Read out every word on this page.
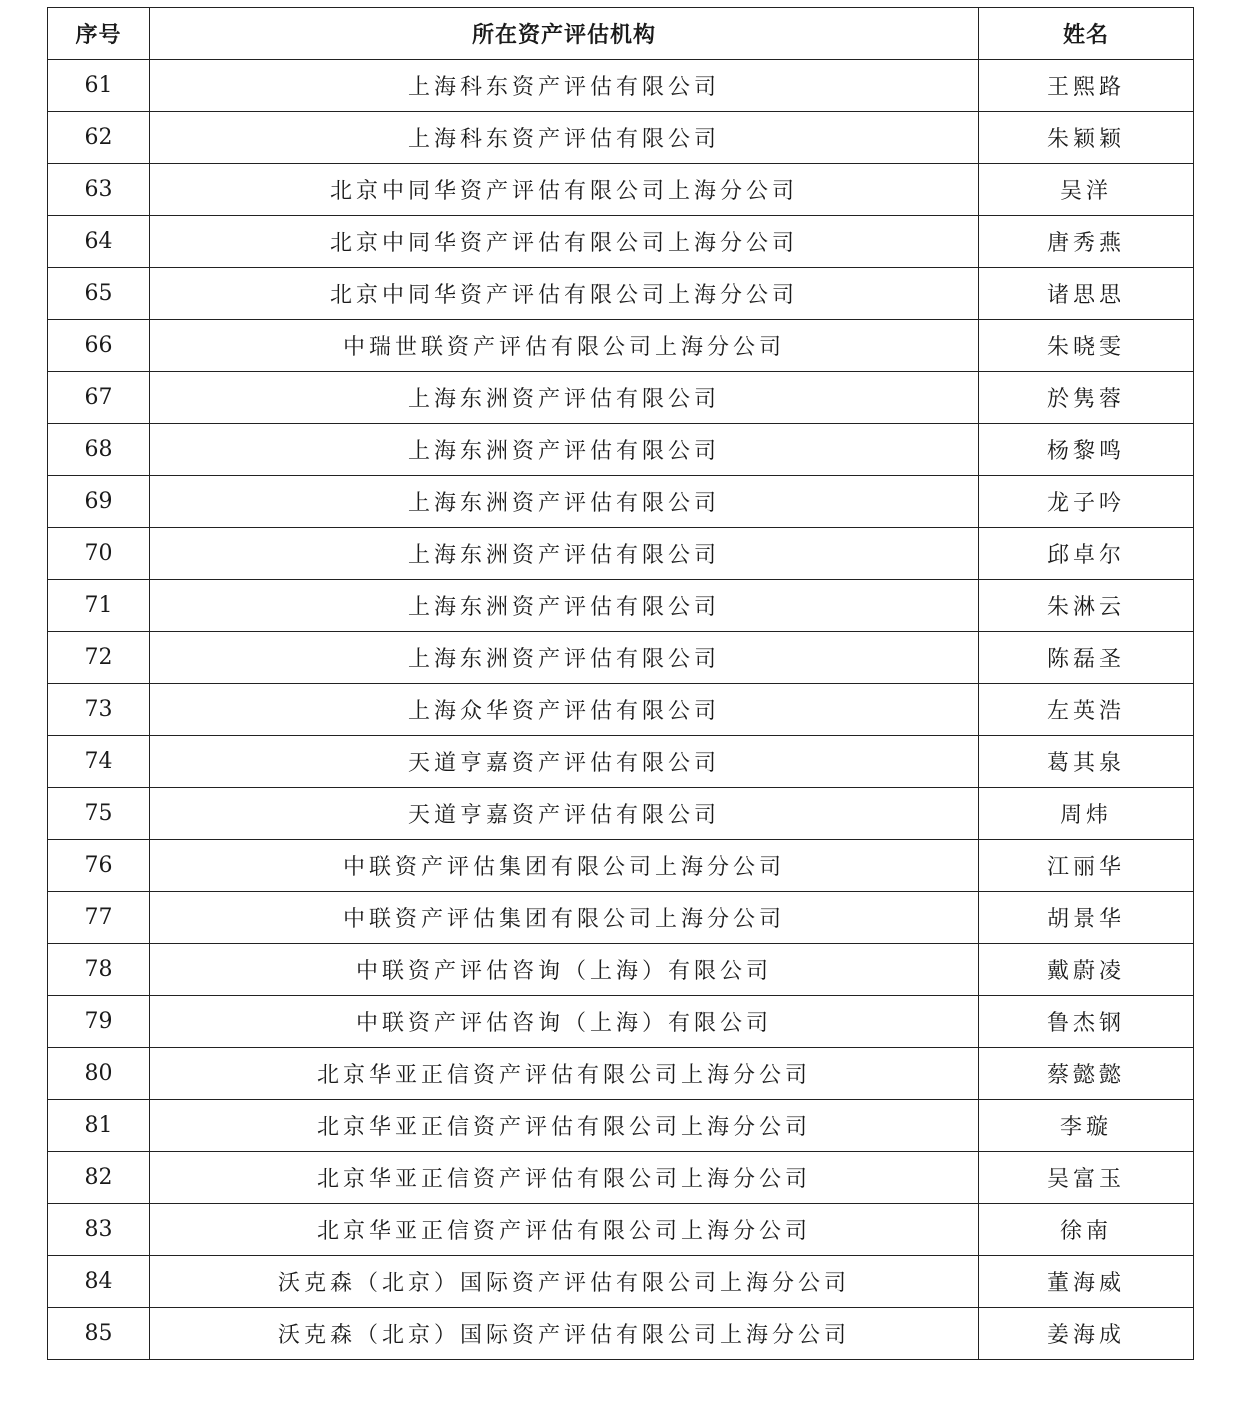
序号	所在资产评估机构	姓名
61	上海科东资产评估有限公司	王熙路
62	上海科东资产评估有限公司	朱颖颖
63	北京中同华资产评估有限公司上海分公司	吴洋
64	北京中同华资产评估有限公司上海分公司	唐秀燕
65	北京中同华资产评估有限公司上海分公司	诸思思
66	中瑞世联资产评估有限公司上海分公司	朱晓雯
67	上海东洲资产评估有限公司	於隽蓉
68	上海东洲资产评估有限公司	杨黎鸣
69	上海东洲资产评估有限公司	龙子吟
70	上海东洲资产评估有限公司	邱卓尔
71	上海东洲资产评估有限公司	朱淋云
72	上海东洲资产评估有限公司	陈磊圣
73	上海众华资产评估有限公司	左英浩
74	天道亨嘉资产评估有限公司	葛其泉
75	天道亨嘉资产评估有限公司	周炜
76	中联资产评估集团有限公司上海分公司	江丽华
77	中联资产评估集团有限公司上海分公司	胡景华
78	中联资产评估咨询（上海）有限公司	戴蔚凌
79	中联资产评估咨询（上海）有限公司	鲁杰钢
80	北京华亚正信资产评估有限公司上海分公司	蔡懿懿
81	北京华亚正信资产评估有限公司上海分公司	李璇
82	北京华亚正信资产评估有限公司上海分公司	吴富玉
83	北京华亚正信资产评估有限公司上海分公司	徐南
84	沃克森（北京）国际资产评估有限公司上海分公司	董海威
85	沃克森（北京）国际资产评估有限公司上海分公司	姜海成
